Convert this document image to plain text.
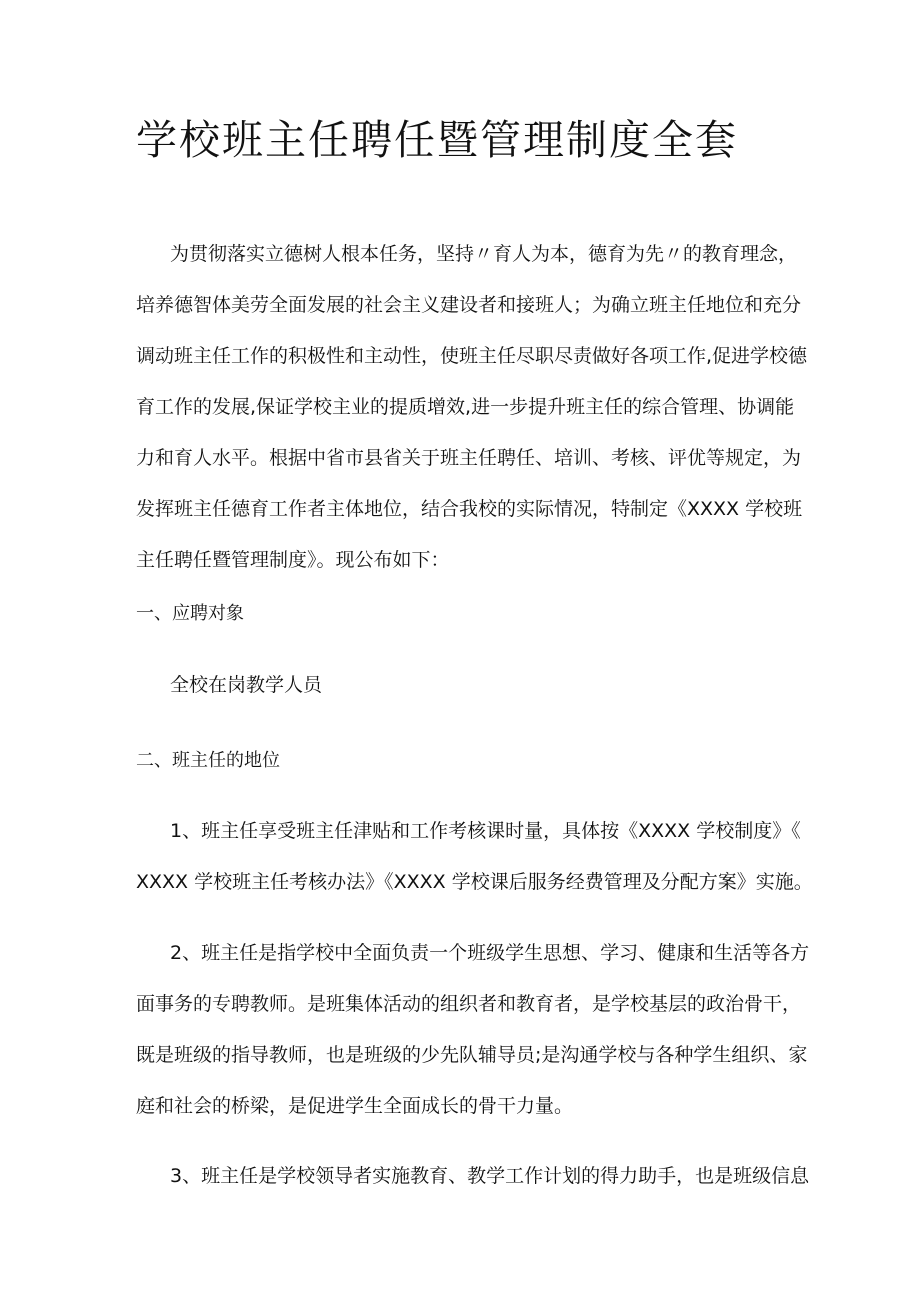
学校班主任聘任暨管理制度全套
为贯彻落实立德树人根本任务，坚持〃育人为本，德育为先〃的教育理念，
培养德智体美劳全面发展的社会主义建设者和接班人；为确立班主任地位和充分
调动班主任工作的积极性和主动性，使班主任尽职尽责做好各项工作,促进学校德
育工作的发展,保证学校主业的提质增效,进一步提升班主任的综合管理、协调能
力和育人水平。根据中省市县省关于班主任聘任、培训、考核、评优等规定，为
发挥班主任德育工作者主体地位，结合我校的实际情况，特制定《XXXX 学校班
主任聘任暨管理制度》。现公布如下：

一、应聘对象

全校在岗教学人员

二、班主任的地位

1、班主任享受班主任津贴和工作考核课时量，具体按《XXXX 学校制度》《
XXXX 学校班主任考核办法》《XXXX 学校课后服务经费管理及分配方案》实施。
2、班主任是指学校中全面负责一个班级学生思想、学习、健康和生活等各方
面事务的专聘教师。是班集体活动的组织者和教育者，是学校基层的政治骨干，
既是班级的指导教师，也是班级的少先队辅导员;是沟通学校与各种学生组织、家
庭和社会的桥梁，是促进学生全面成长的骨干力量。
3、班主任是学校领导者实施教育、教学工作计划的得力助手，也是班级信息
